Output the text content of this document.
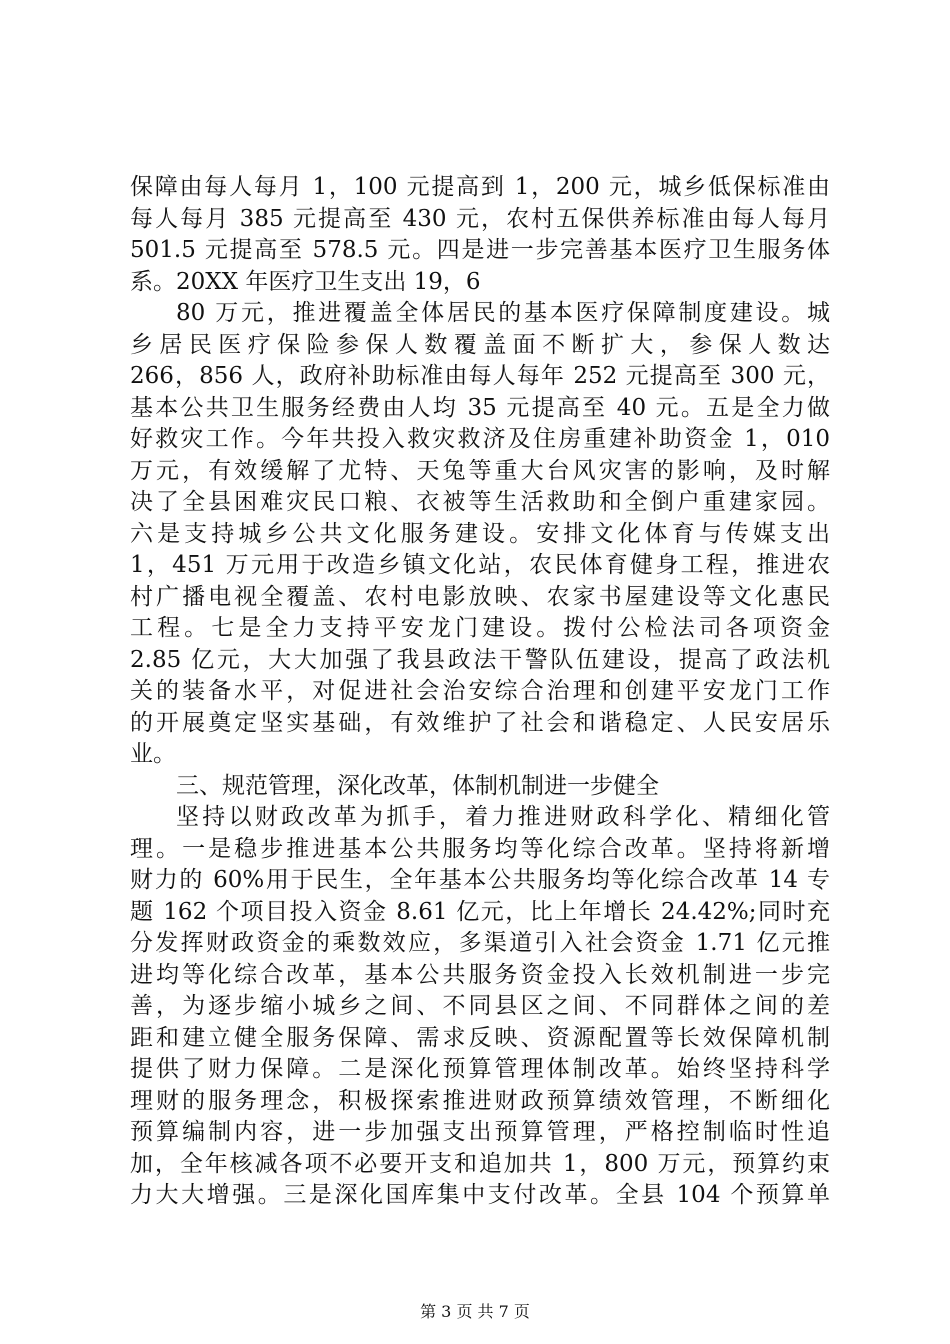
保障由每人每月 1，100 元提高到 1，200 元，城乡低保标准由
每人每月 385 元提高至 430 元，农村五保供养标准由每人每月
501.5 元提高至 578.5 元。四是进一步完善基本医疗卫生服务体
系。20XX 年医疗卫生支出 19，6
80 万元，推进覆盖全体居民的基本医疗保障制度建设。城
乡居民医疗保险参保人数覆盖面不断扩大，参保人数达
266，856 人，政府补助标准由每人每年 252 元提高至 300 元，
基本公共卫生服务经费由人均 35 元提高至 40 元。五是全力做
好救灾工作。今年共投入救灾救济及住房重建补助资金 1，010
万元，有效缓解了尤特、天兔等重大台风灾害的影响，及时解
决了全县困难灾民口粮、衣被等生活救助和全倒户重建家园。
六是支持城乡公共文化服务建设。安排文化体育与传媒支出
1，451 万元用于改造乡镇文化站，农民体育健身工程，推进农
村广播电视全覆盖、农村电影放映、农家书屋建设等文化惠民
工程。七是全力支持平安龙门建设。拨付公检法司各项资金
2.85 亿元，大大加强了我县政法干警队伍建设，提高了政法机
关的装备水平，对促进社会治安综合治理和创建平安龙门工作
的开展奠定坚实基础，有效维护了社会和谐稳定、人民安居乐
业。
三、规范管理，深化改革，体制机制进一步健全
坚持以财政改革为抓手，着力推进财政科学化、精细化管
理。一是稳步推进基本公共服务均等化综合改革。坚持将新增
财力的 60%用于民生，全年基本公共服务均等化综合改革 14 专
题 162 个项目投入资金 8.61 亿元，比上年增长 24.42%;同时充
分发挥财政资金的乘数效应，多渠道引入社会资金 1.71 亿元推
进均等化综合改革，基本公共服务资金投入长效机制进一步完
善，为逐步缩小城乡之间、不同县区之间、不同群体之间的差
距和建立健全服务保障、需求反映、资源配置等长效保障机制
提供了财力保障。二是深化预算管理体制改革。始终坚持科学
理财的服务理念，积极探索推进财政预算绩效管理，不断细化
预算编制内容，进一步加强支出预算管理，严格控制临时性追
加，全年核减各项不必要开支和追加共 1，800 万元，预算约束
力大大增强。三是深化国库集中支付改革。全县 104 个预算单
第 3 页 共 7 页
